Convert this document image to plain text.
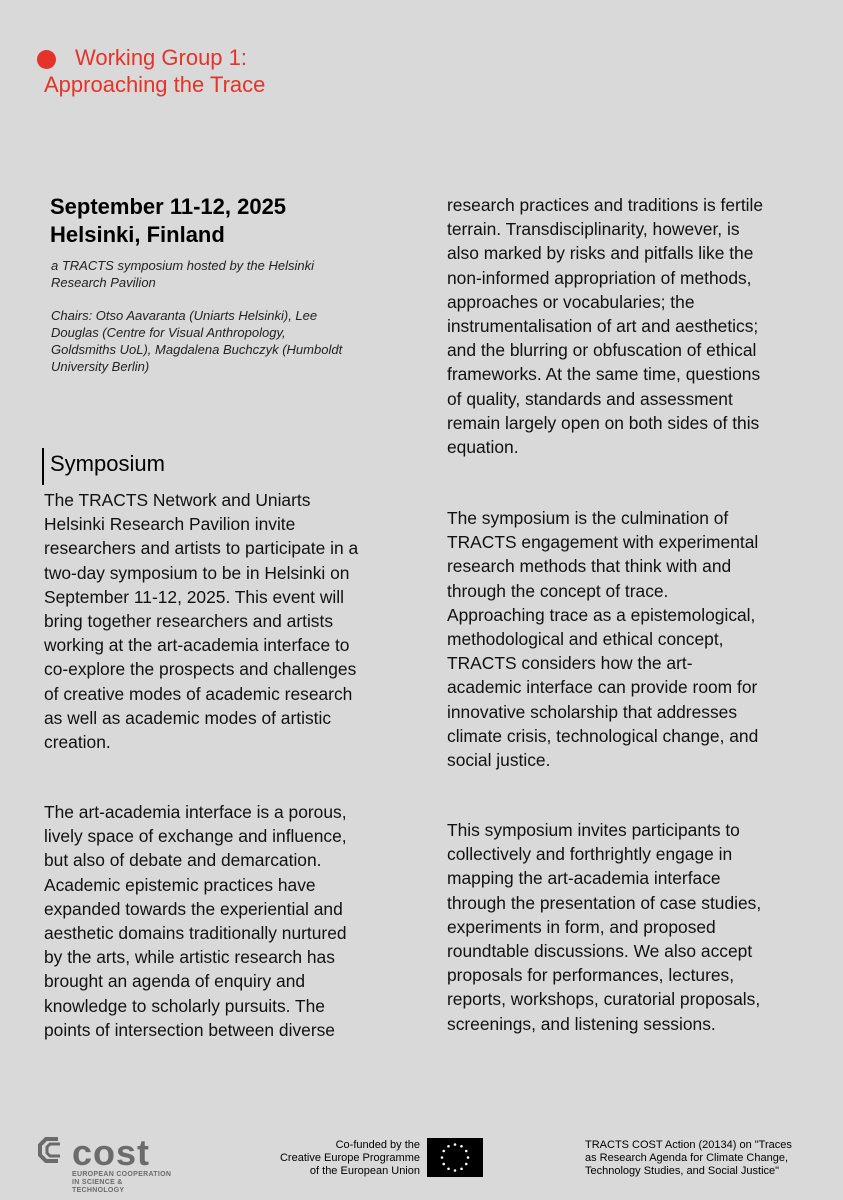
Working Group 1:
Approaching the Trace
September 11-12, 2025
Helsinki, Finland
a TRACTS symposium hosted by the Helsinki
Research Pavilion
Chairs: Otso Aavaranta (Uniarts Helsinki), Lee
Douglas (Centre for Visual Anthropology,
Goldsmiths UoL), Magdalena Buchczyk (Humboldt
University Berlin)
Symposium
The TRACTS Network and Uniarts
Helsinki Research Pavilion invite
researchers and artists to participate in a
two-day symposium to be in Helsinki on
September 11-12, 2025. This event will
bring together researchers and artists
working at the art-academia interface to
co-explore the prospects and challenges
of creative modes of academic research
as well as academic modes of artistic
creation.
The art-academia interface is a porous,
lively space of exchange and influence,
but also of debate and demarcation.
Academic epistemic practices have
expanded towards the experiential and
aesthetic domains traditionally nurtured
by the arts, while artistic research has
brought an agenda of enquiry and
knowledge to scholarly pursuits. The
points of intersection between diverse
research practices and traditions is fertile
terrain. Transdisciplinarity, however, is
also marked by risks and pitfalls like the
non-informed appropriation of methods,
approaches or vocabularies; the
instrumentalisation of art and aesthetics;
and the blurring or obfuscation of ethical
frameworks. At the same time, questions
of quality, standards and assessment
remain largely open on both sides of this
equation.
The symposium is the culmination of
TRACTS engagement with experimental
research methods that think with and
through the concept of trace.
Approaching trace as a epistemological,
methodological and ethical concept,
TRACTS considers how the art-
academic interface can provide room for
innovative scholarship that addresses
climate crisis, technological change, and
social justice.
This symposium invites participants to
collectively and forthrightly engage in
mapping the art-academia interface
through the presentation of case studies,
experiments in form, and proposed
roundtable discussions. We also accept
proposals for performances, lectures,
reports, workshops, curatorial proposals,
screenings, and listening sessions.
cost
EUROPEAN COOPERATION
IN SCIENCE & TECHNOLOGY
Co-funded by the
Creative Europe Programme
of the European Union
TRACTS COST Action (20134) on "Traces
as Research Agenda for Climate Change,
Technology Studies, and Social Justice"
